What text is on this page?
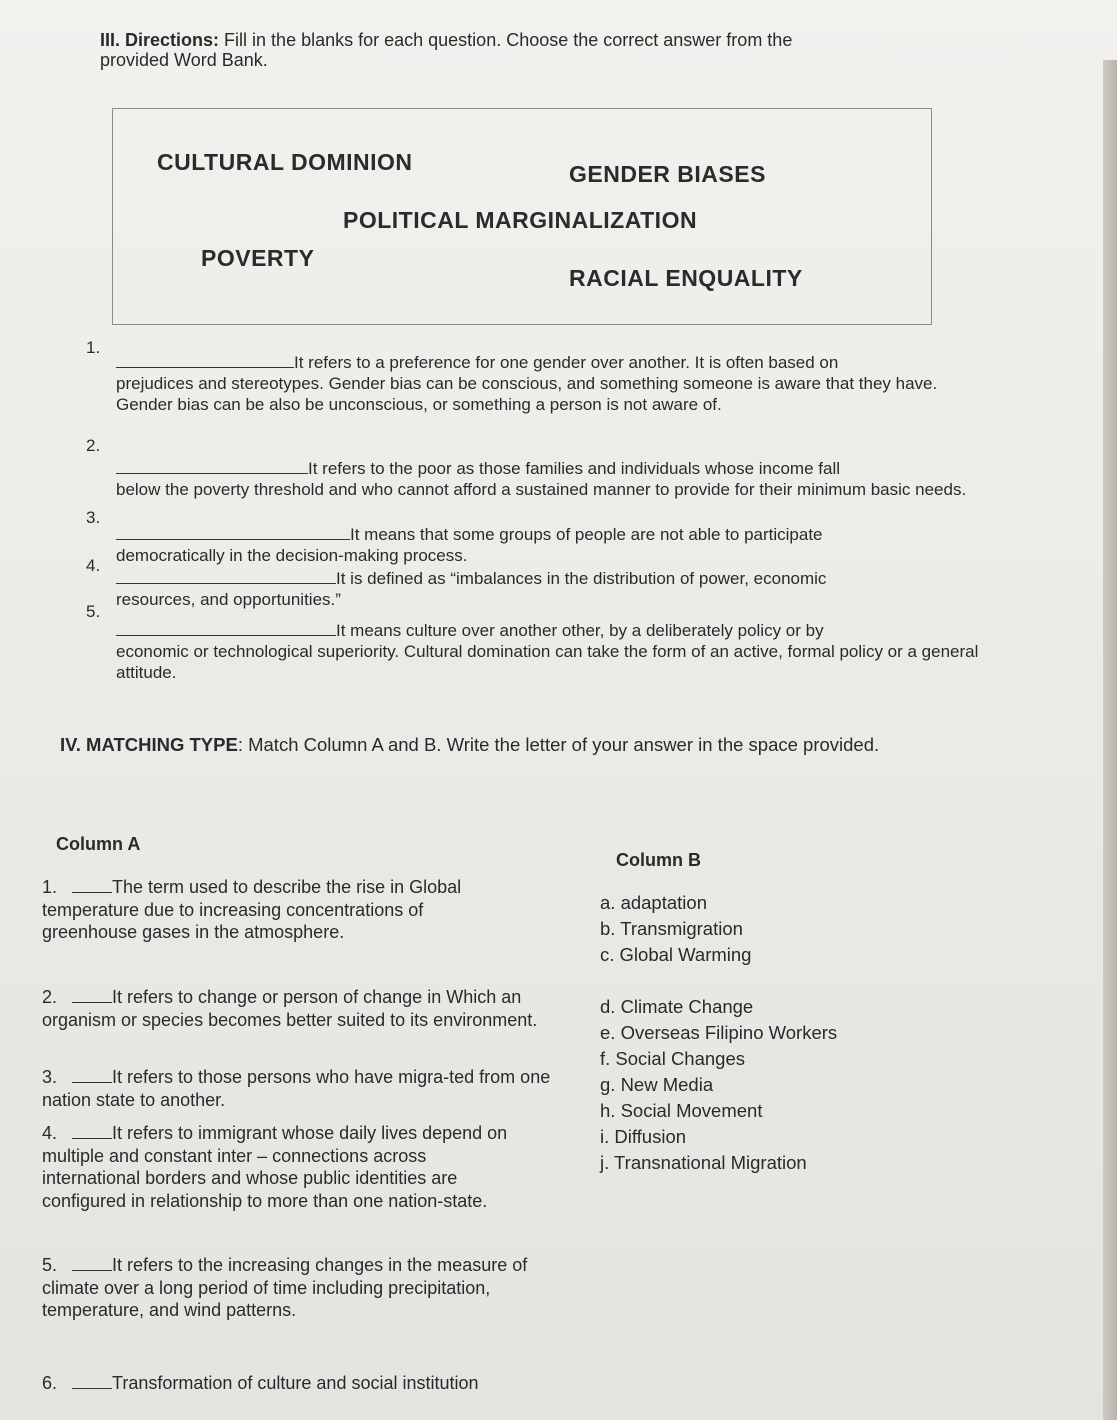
III. Directions: Fill in the blanks for each question. Choose the correct answer from the
provided Word Bank.

CULTURAL DOMINION	GENDER BIASES
POLITICAL MARGINALIZATION
POVERTY
RACIAL ENQUALITY
1.

It refers to a preference for one gender over another. It is often based on
prejudices and stereotypes. Gender bias can be conscious, and something someone is aware that they have. Gender bias can be also be unconscious, or something a person is not aware of.

2.

It refers to the poor as those families and individuals whose income fall
below the poverty threshold and who cannot afford a sustained manner to provide for their minimum basic needs.

3.

It means that some groups of people are not able to participate
democratically in the decision-making process.

4.

It is defined as “imbalances in the distribution of power, economic
resources, and opportunities.”

5.

It means culture over another other, by a deliberately policy or by
economic or technological superiority. Cultural domination can take the form of an active, formal policy or a general attitude.

IV. MATCHING TYPE: Match Column A and B. Write the letter of your answer in the space provided.

Column A
Column B

1.	The term used to describe the rise in Global temperature due to increasing concentrations of greenhouse gases in the atmosphere.

2.	It refers to change or person of change in Which an organism or species becomes better suited to its environment.

3.	It refers to those persons who have migra-ted from one nation state to another.

4.	It refers to immigrant whose daily lives depend on multiple and constant inter – connections across international borders and whose public identities are configured in relationship to more than one nation-state.

5.	It refers to the increasing changes in the measure of climate over a long period of time including precipitation, temperature, and wind patterns.

6.	Transformation of culture and social institution

a. adaptation
b. Transmigration
c. Global Warming
d. Climate Change
e. Overseas Filipino Workers
f. Social Changes
g. New Media
h. Social Movement
i. Diffusion
j. Transnational Migration
